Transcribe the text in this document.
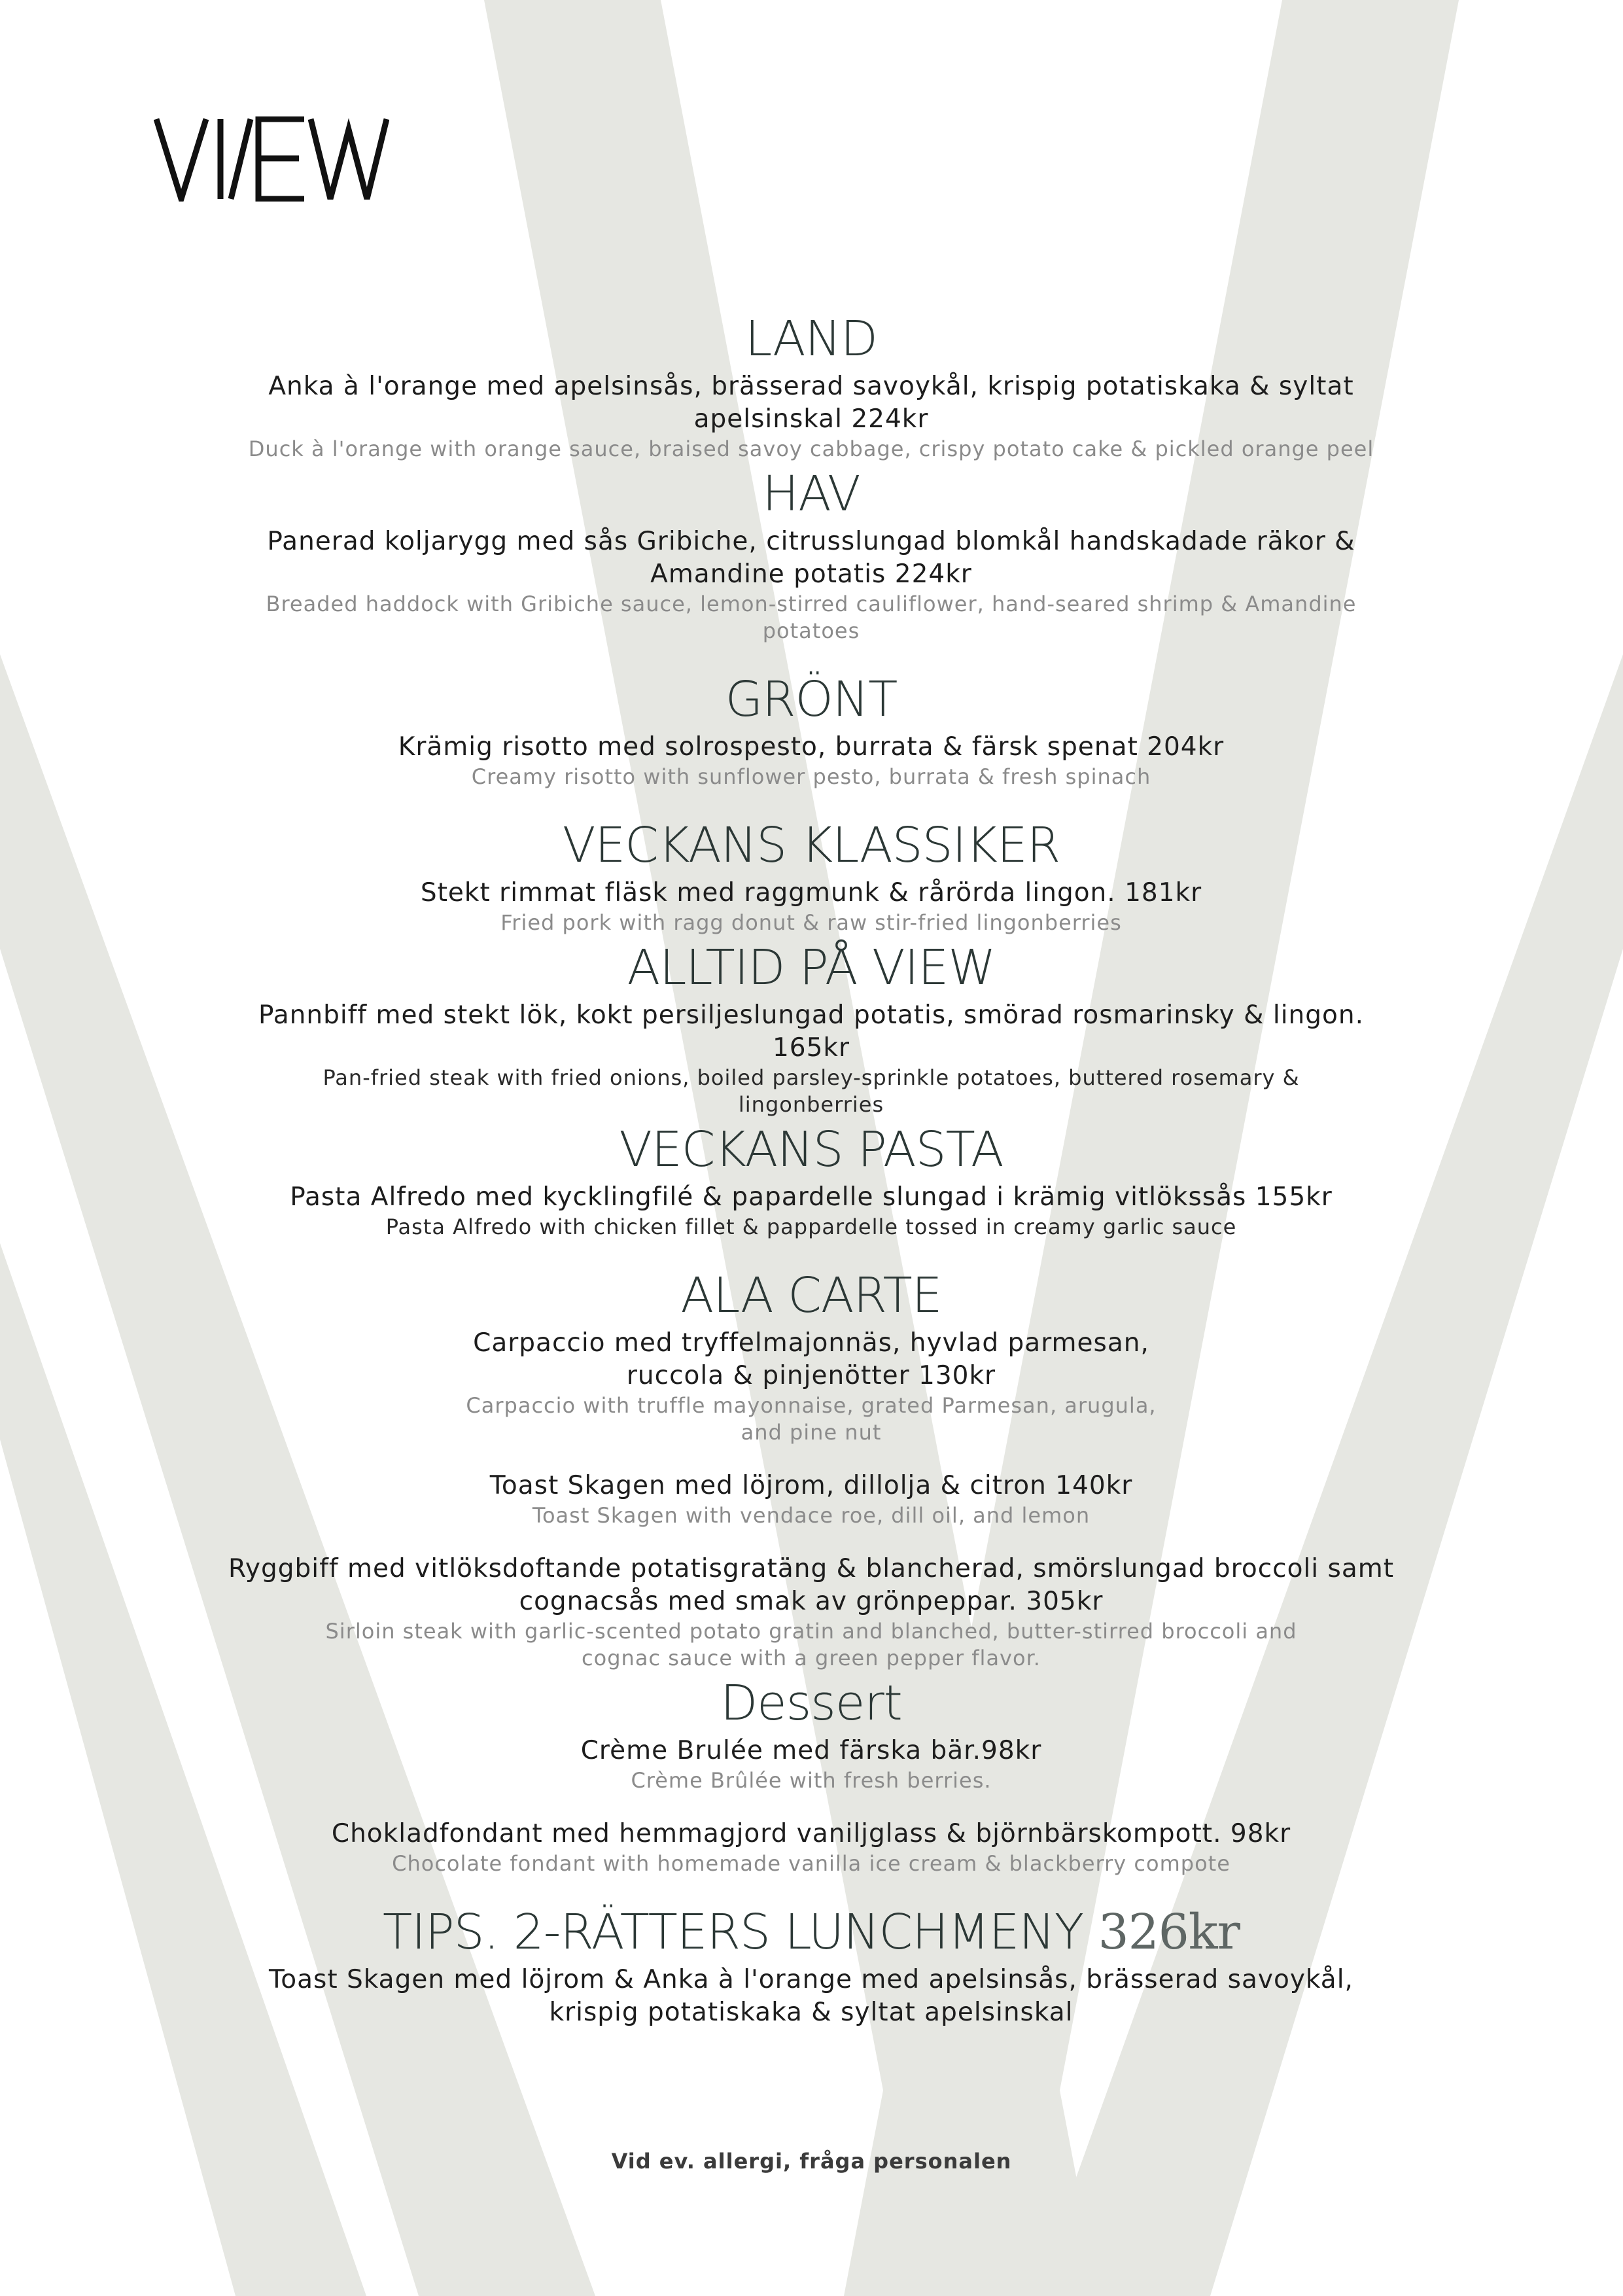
LAND
Anka à l'orange med apelsinsås, brässerad savoykål, krispig potatiskaka & syltat apelsinskal 224kr
Duck à l'orange with orange sauce, braised savoy cabbage, crispy potato cake & pickled orange peel
HAV
Panerad koljarygg med sås Gribiche, citrusslungad blomkål handskadade räkor & Amandine potatis 224kr
Breaded haddock with Gribiche sauce, lemon-stirred cauliflower, hand-seared shrimp & Amandine potatoes
GRÖNT
Krämig risotto med solrospesto, burrata & färsk spenat 204kr
Creamy risotto with sunflower pesto, burrata & fresh spinach
VECKANS KLASSIKER
Stekt rimmat fläsk med raggmunk & rårörda lingon. 181kr
Fried pork with ragg donut & raw stir-fried lingonberries
ALLTID PÅ VIEW
Pannbiff med stekt lök, kokt persiljeslungad potatis, smörad rosmarinsky & lingon. 165kr
Pan-fried steak with fried onions, boiled parsley-sprinkle potatoes, buttered rosemary & lingonberries
VECKANS PASTA
Pasta Alfredo med kycklingfilé & papardelle slungad i krämig vitlökssås 155kr
Pasta Alfredo with chicken fillet & pappardelle tossed in creamy garlic sauce
ALA CARTE
Carpaccio med tryffelmajonnäs, hyvlad parmesan, ruccola & pinjenötter 130kr
Carpaccio with truffle mayonnaise, grated Parmesan, arugula, and pine nut
Toast Skagen med löjrom, dillolja & citron 140kr
Toast Skagen with vendace roe, dill oil, and lemon
Ryggbiff med vitlöksdoftande potatisgratäng & blancherad, smörslungad broccoli samt cognacsås med smak av grönpeppar. 305kr
Sirloin steak with garlic-scented potato gratin and blanched, butter-stirred broccoli and cognac sauce with a green pepper flavor.
Dessert
Crème Brulée med färska bär.98kr
Crème Brûlée with fresh berries.
Chokladfondant med hemmagjord vaniljglass & björnbärskompott. 98kr
Chocolate fondant with homemade vanilla ice cream & blackberry compote
TIPS. 2-RÄTTERS LUNCHMENY 326kr
Toast Skagen med löjrom & Anka à l'orange med apelsinsås, brässerad savoykål, krispig potatiskaka & syltat apelsinskal
Vid ev. allergi, fråga personalen
